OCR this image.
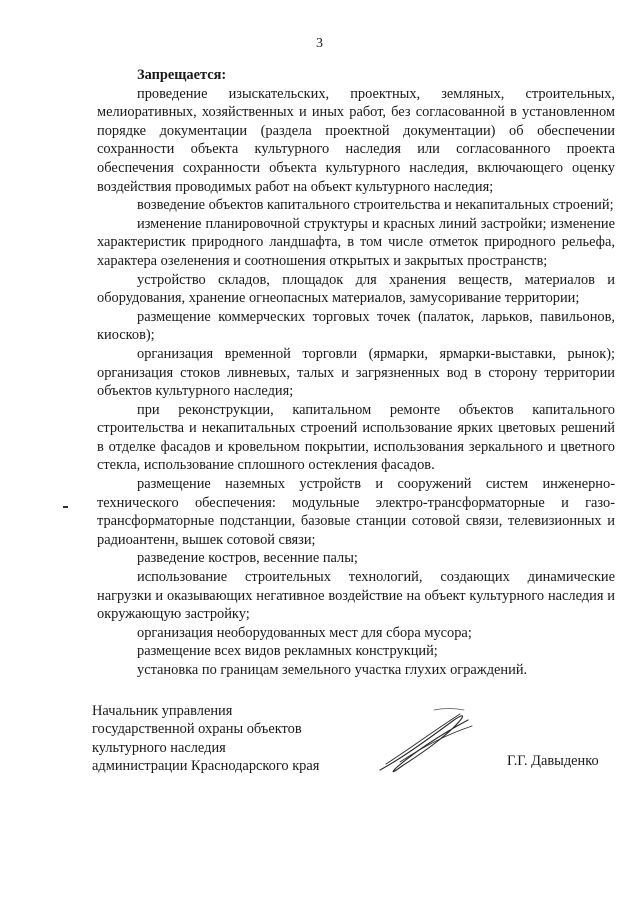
3

Запрещается:

проведение изыскательских, проектных, земляных, строительных, мелиоративных, хозяйственных и иных работ, без согласованной в установленном порядке документации (раздела проектной документации) об обеспечении сохранности объекта культурного наследия или согласованного проекта обеспечения сохранности объекта культурного наследия, включающего оценку воздействия проводимых работ на объект культурного наследия;

возведение объектов капитального строительства и некапитальных строений;

изменение планировочной структуры и красных линий застройки; изменение характеристик природного ландшафта, в том числе отметок природного рельефа, характера озеленения и соотношения открытых и закрытых пространств;

устройство складов, площадок для хранения веществ, материалов и оборудования, хранение огнеопасных материалов, замусоривание территории;

размещение коммерческих торговых точек (палаток, ларьков, павильонов, киосков);

организация временной торговли (ярмарки, ярмарки-выставки, рынок); организация стоков ливневых, талых и загрязненных вод в сторону территории объектов культурного наследия;

при реконструкции, капитальном ремонте объектов капитального строительства и некапитальных строений использование ярких цветовых решений в отделке фасадов и кровельном покрытии, использования зеркального и цветного стекла, использование сплошного остекления фасадов.

размещение наземных устройств и сооружений систем инженерно-технического обеспечения: модульные электро-трансформаторные и газо-трансформаторные подстанции, базовые станции сотовой связи, телевизионных и радиоантенн, вышек сотовой связи;

разведение костров, весенние палы;

использование строительных технологий, создающих динамические нагрузки и оказывающих негативное воздействие на объект культурного наследия и окружающую застройку;

организация необорудованных мест для сбора мусора;

размещение всех видов рекламных конструкций;

установка по границам земельного участка глухих ограждений.

Начальник управления
государственной охраны объектов
культурного наследия
администрации Краснодарского края	Г.Г. Давыденко
